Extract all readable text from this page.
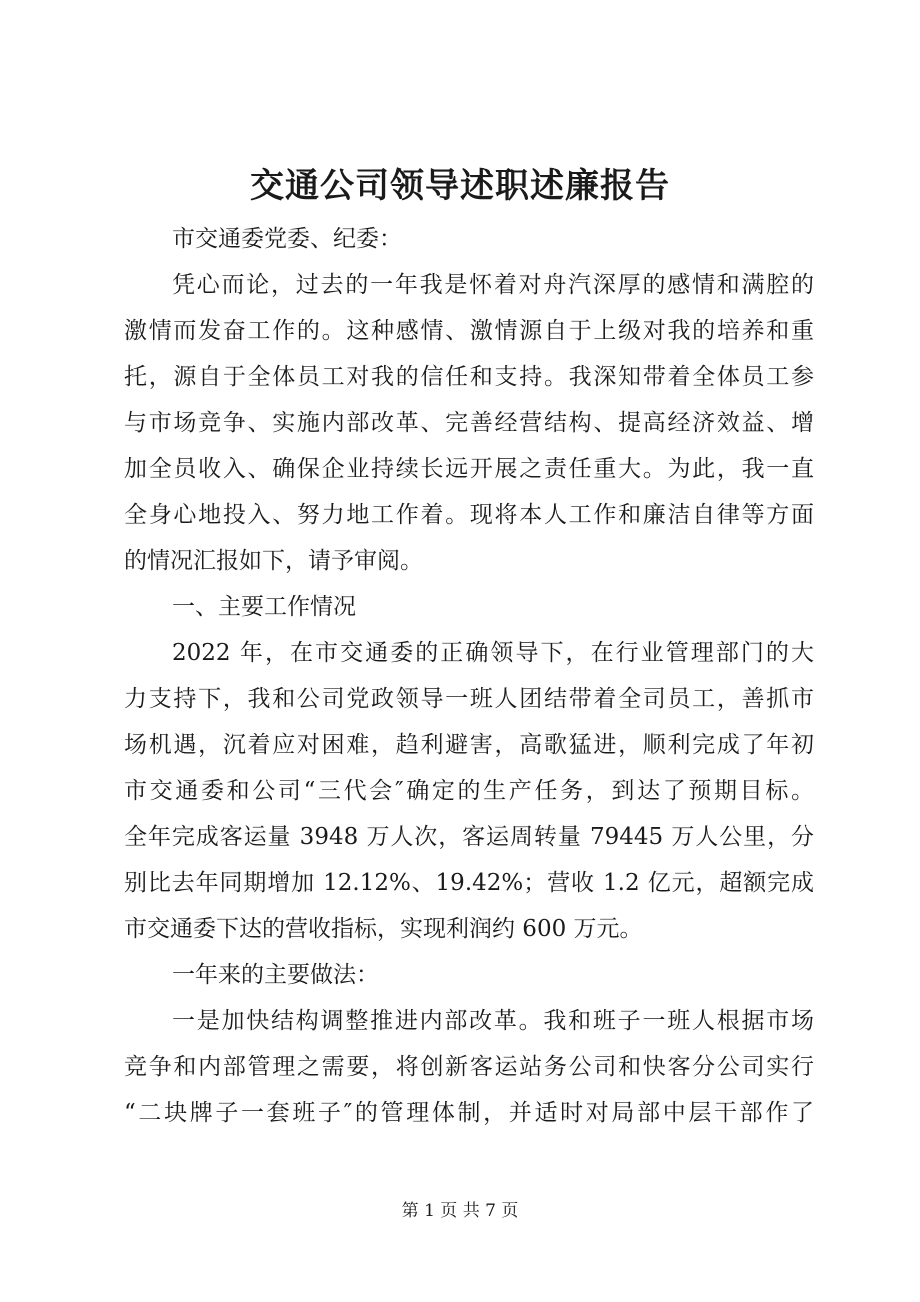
交通公司领导述职述廉报告
市交通委党委、纪委：
凭心而论，过去的一年我是怀着对舟汽深厚的感情和满腔的
激情而发奋工作的。这种感情、激情源自于上级对我的培养和重
托，源自于全体员工对我的信任和支持。我深知带着全体员工参
与市场竞争、实施内部改革、完善经营结构、提高经济效益、增
加全员收入、确保企业持续长远开展之责任重大。为此，我一直
全身心地投入、努力地工作着。现将本人工作和廉洁自律等方面
的情况汇报如下，请予审阅。
一、主要工作情况
2022 年，在市交通委的正确领导下，在行业管理部门的大
力支持下，我和公司党政领导一班人团结带着全司员工，善抓市
场机遇，沉着应对困难，趋利避害，高歌猛进，顺利完成了年初
市交通委和公司“三代会″确定的生产任务，到达了预期目标。
全年完成客运量 3948 万人次，客运周转量 79445 万人公里，分
别比去年同期增加 12.12%、19.42%；营收 1.2 亿元，超额完成
市交通委下达的营收指标，实现利润约 600 万元。
一年来的主要做法：
一是加快结构调整推进内部改革。我和班子一班人根据市场
竞争和内部管理之需要，将创新客运站务公司和快客分公司实行
“二块牌子一套班子″的管理体制，并适时对局部中层干部作了
第 1 页 共 7 页
